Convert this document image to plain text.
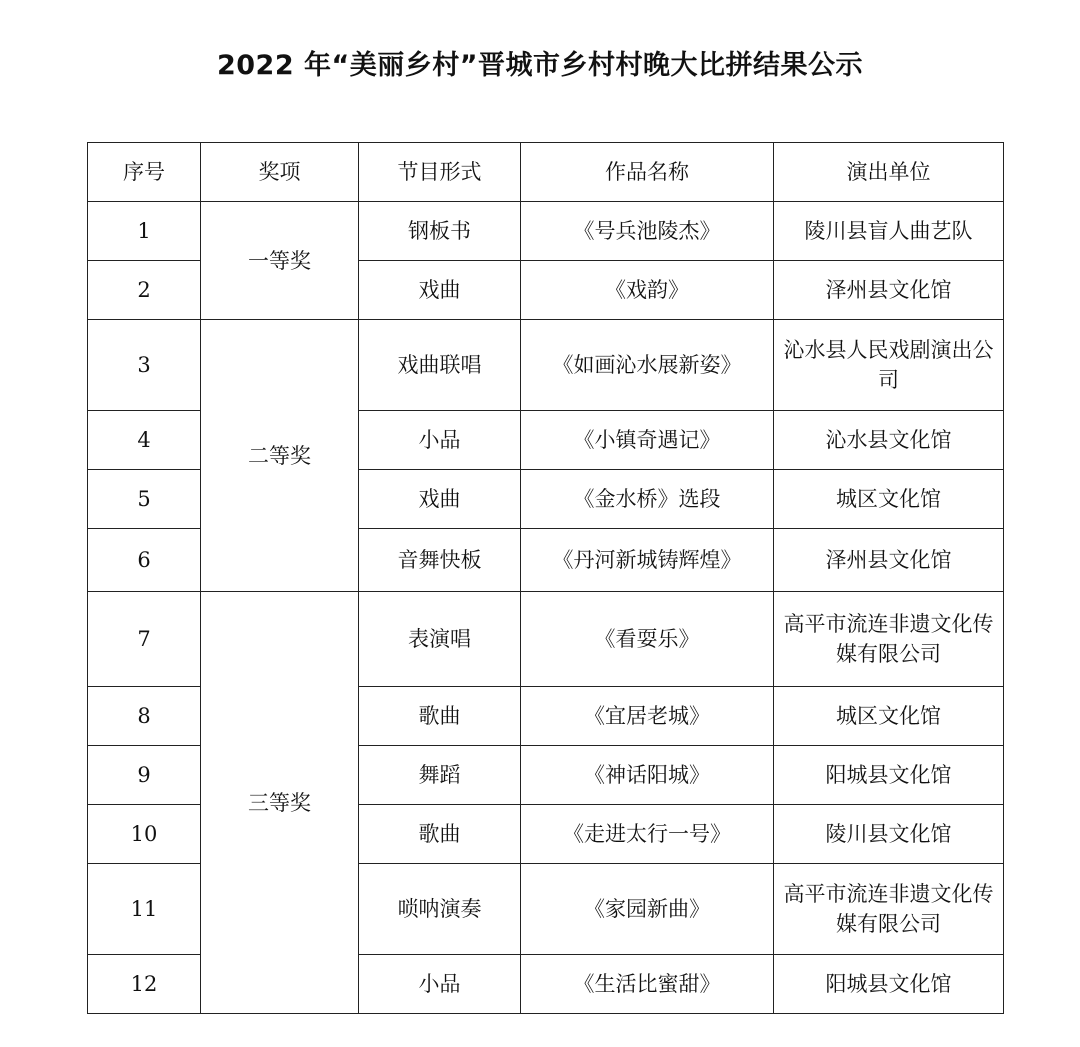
2022 年“美丽乡村”晋城市乡村村晚大比拼结果公示
序号	奖项	节目形式	作品名称	演出单位
1	一等奖	钢板书	《号兵池陵杰》	陵川县盲人曲艺队
2		戏曲	《戏韵》	泽州县文化馆
3	二等奖	戏曲联唱	《如画沁水展新姿》	沁水县人民戏剧演出公司
4		小品	《小镇奇遇记》	沁水县文化馆
5		戏曲	《金水桥》选段	城区文化馆
6		音舞快板	《丹河新城铸辉煌》	泽州县文化馆
7	三等奖	表演唱	《看耍乐》	高平市流连非遗文化传媒有限公司
8		歌曲	《宜居老城》	城区文化馆
9		舞蹈	《神话阳城》	阳城县文化馆
10		歌曲	《走进太行一号》	陵川县文化馆
11		唢呐演奏	《家园新曲》	高平市流连非遗文化传媒有限公司
12		小品	《生活比蜜甜》	阳城县文化馆
